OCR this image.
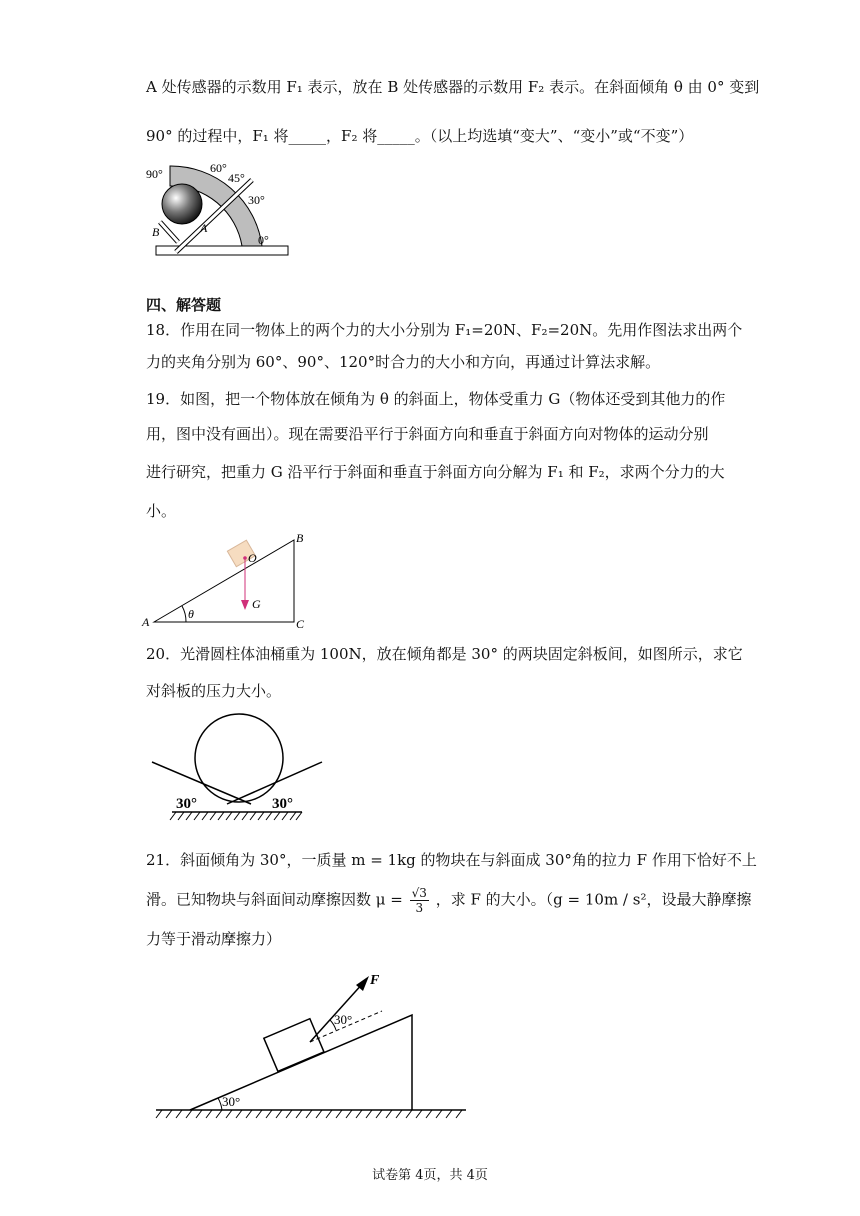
A 处传感器的示数用 F₁ 表示，放在 B 处传感器的示数用 F₂ 表示。在斜面倾角 θ 由 0° 变到
90° 的过程中，F₁ 将_____，F₂ 将_____。（以上均选填“变大”、“变小”或“不变”）
90°	60°
45°
30°
0°
A
B
四、解答题
18．作用在同一物体上的两个力的大小分别为 F₁=20N、F₂=20N。先用作图法求出两个
力的夹角分别为 60°、90°、120°时合力的大小和方向，再通过计算法求解。
19．如图，把一个物体放在倾角为 θ 的斜面上，物体受重力 G（物体还受到其他力的作
用，图中没有画出）。现在需要沿平行于斜面方向和垂直于斜面方向对物体的运动分别
进行研究，把重力 G 沿平行于斜面和垂直于斜面方向分解为 F₁ 和 F₂，求两个分力的大
小。
A
B
C
O
G
θ
20．光滑圆柱体油桶重为 100N，放在倾角都是 30° 的两块固定斜板间，如图所示，求它
对斜板的压力大小。
30°	30°
21．斜面倾角为 30°，一质量 m = 1kg 的物块在与斜面成 30°角的拉力 F 作用下恰好不上
滑。已知物块与斜面间动摩擦因数 $\mu = \frac{√3}{3}$ ，求 F 的大小。（g = 10m / s²，设最大静摩擦
力等于滑动摩擦力）
F
30°
30°
试卷第 4页，共 4页
